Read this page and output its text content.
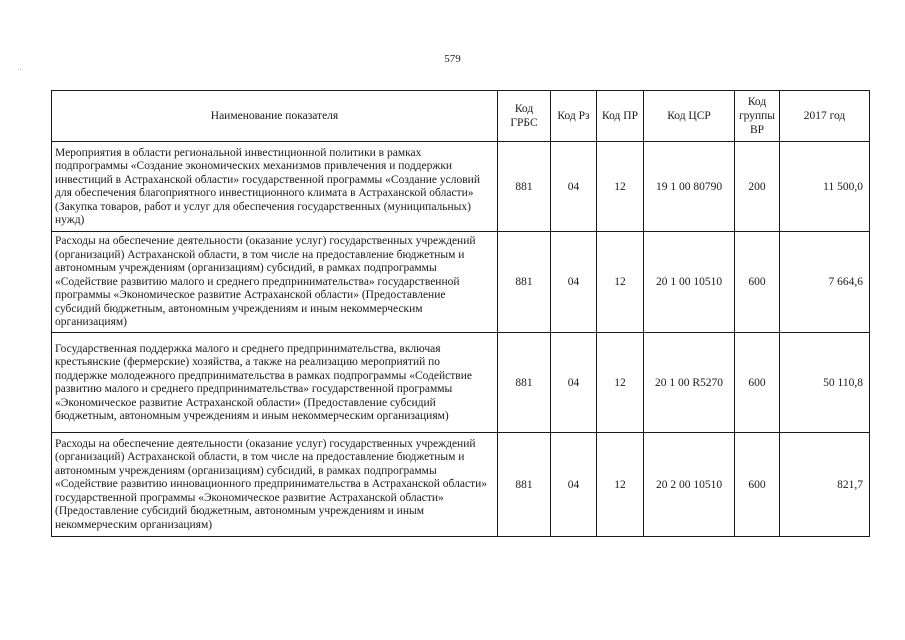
579
Наименование показателя	Код ГРБС	Код Рз	Код ПР	Код ЦСР	Код группы ВР	2017 год
Мероприятия в области региональной инвестиционной политики в рамках подпрограммы «Создание экономических механизмов привлечения и поддержки инвестиций в Астраханской области» государственной программы «Создание условий для обеспечения благоприятного инвестиционного климата в Астраханской области» (Закупка товаров, работ и услуг для обеспечения государственных (муниципальных) нужд)	881	04	12	19 1 00 80790	200	11 500,0
Расходы на обеспечение деятельности (оказание услуг) государственных учреждений (организаций) Астраханской области, в том числе на предоставление бюджетным и автономным учреждениям (организациям) субсидий, в рамках подпрограммы «Содействие развитию малого и среднего предпринимательства» государственной программы «Экономическое развитие Астраханской области» (Предоставление субсидий бюджетным, автономным учреждениям и иным некоммерческим организациям)	881	04	12	20 1 00 10510	600	7 664,6
Государственная поддержка малого и среднего предпринимательства, включая крестьянские (фермерские) хозяйства, а также на реализацию мероприятий по поддержке молодежного предпринимательства в рамках подпрограммы «Содействие развитию малого и среднего предпринимательства» государственной программы «Экономическое развитие Астраханской области» (Предоставление субсидий бюджетным, автономным учреждениям и иным некоммерческим организациям)	881	04	12	20 1 00 R5270	600	50 110,8
Расходы на обеспечение деятельности (оказание услуг) государственных учреждений (организаций) Астраханской области, в том числе на предоставление бюджетным и автономным учреждениям (организациям) субсидий, в рамках подпрограммы «Содействие развитию инновационного предпринимательства в Астраханской области» государственной программы «Экономическое развитие Астраханской области» (Предоставление субсидий бюджетным, автономным учреждениям и иным некоммерческим организациям)	881	04	12	20 2 00 10510	600	821,7
